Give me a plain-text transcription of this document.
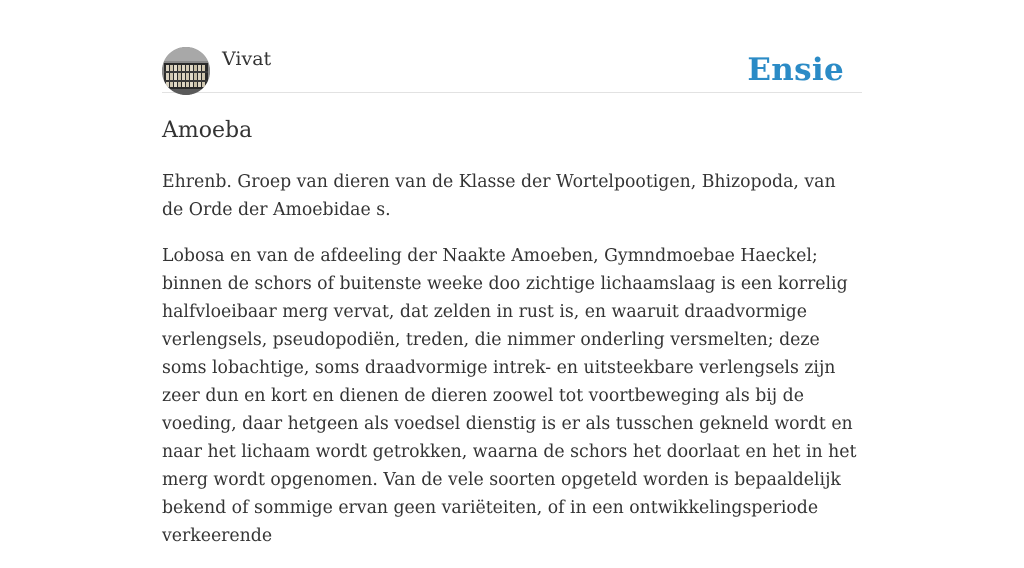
Vivat	Ensie
Amoeba

Ehrenb. Groep van dieren van de Klasse der Wortelpootigen, Bhizopoda, van de Orde der Amoebidae s.

Lobosa en van de afdeeling der Naakte Amoeben, Gymndmoebae Haeckel; binnen de schors of buitenste weeke doo zichtige lichaamslaag is een korrelig halfvloeibaar merg vervat, dat zelden in rust is, en waaruit draadvormige verlengsels, pseudopodiën, treden, die nimmer onderling versmelten; deze soms lobachtige, soms draadvormige intrek- en uitsteekbare verlengsels zijn zeer dun en kort en dienen de dieren zoowel tot voortbeweging als bij de voeding, daar hetgeen als voedsel dienstig is er als tusschen gekneld wordt en naar het lichaam wordt getrokken, waarna de schors het doorlaat en het in het merg wordt opgenomen. Van de vele soorten opgeteld worden is bepaaldelijk bekend of sommige ervan geen variëteiten, of in een ontwikkelingsperiode verkeerende
